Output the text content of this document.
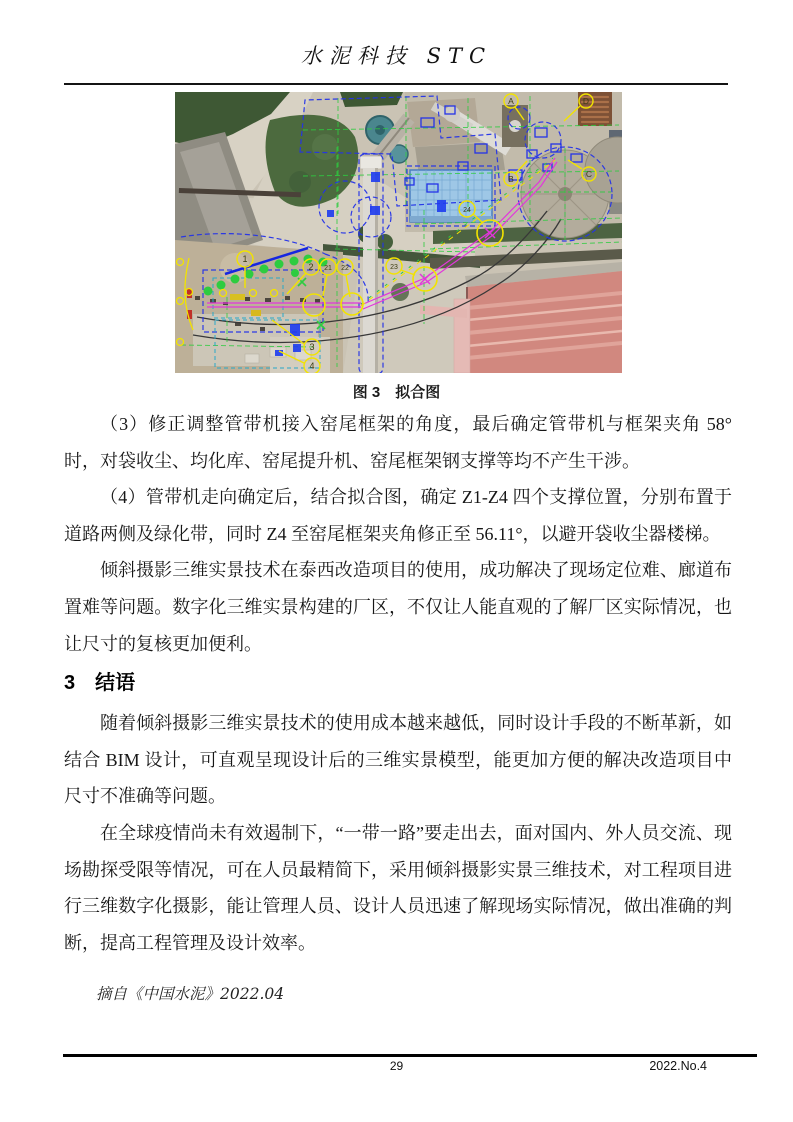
水泥科技 STC
1
2 21 22
3
4
23
24
A	D
B	C
图 3　拟合图

（3）修正调整管带机接入窑尾框架的角度，最后确定管带机与框架夹角 58°时，对袋收尘、均化库、窑尾提升机、窑尾框架钢支撑等均不产生干涉。

（4）管带机走向确定后，结合拟合图，确定 Z1-Z4 四个支撑位置，分别布置于道路两侧及绿化带，同时 Z4 至窑尾框架夹角修正至 56.11°，以避开袋收尘器楼梯。

倾斜摄影三维实景技术在泰西改造项目的使用，成功解决了现场定位难、廊道布置难等问题。数字化三维实景构建的厂区，不仅让人能直观的了解厂区实际情况，也让尺寸的复核更加便利。

3　结语

随着倾斜摄影三维实景技术的使用成本越来越低，同时设计手段的不断革新，如结合 BIM 设计，可直观呈现设计后的三维实景模型，能更加方便的解决改造项目中尺寸不准确等问题。

在全球疫情尚未有效遏制下，“一带一路”要走出去，面对国内、外人员交流、现场勘探受限等情况，可在人员最精简下，采用倾斜摄影实景三维技术，对工程项目进行三维数字化摄影，能让管理人员、设计人员迅速了解现场实际情况，做出准确的判断，提高工程管理及设计效率。

摘自《中国水泥》2022.04

29	2022.No.4
